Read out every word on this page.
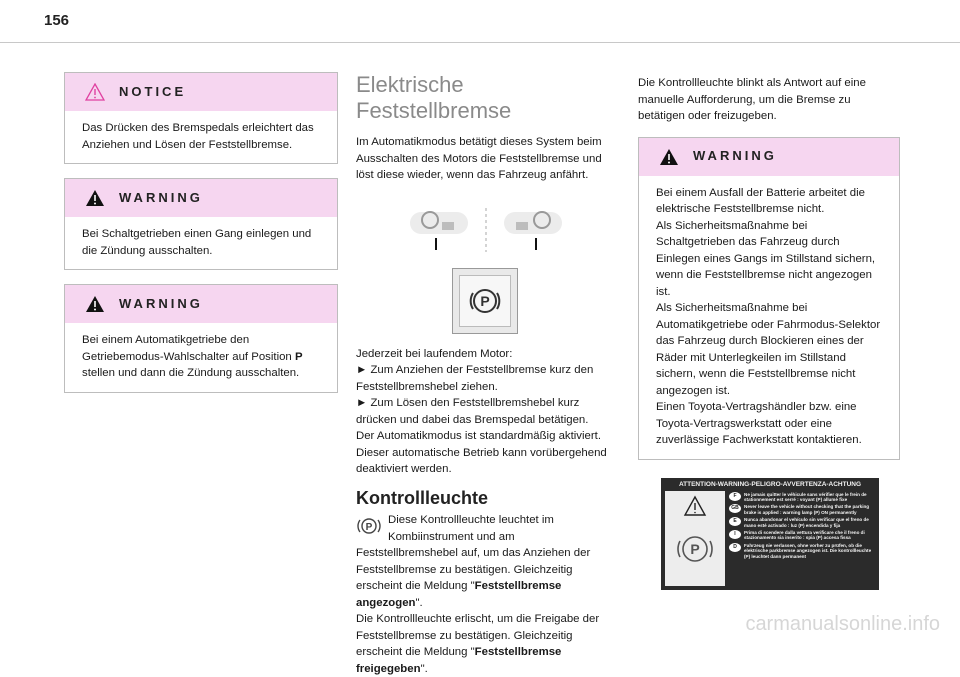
156
NOTICE

Das Drücken des Bremspedals erleichtert das Anziehen und Lösen der Feststellbremse.

WARNING

Bei Schaltgetrieben einen Gang einlegen und die Zündung ausschalten.

WARNING

Bei einem Automatikgetriebe den Getriebemodus-Wahlschalter auf Position P stellen und dann die Zündung ausschalten.

Elektrische Feststellbremse

Im Automatikmodus betätigt dieses System beim Ausschalten des Motors die Feststellbremse und löst diese wieder, wenn das Fahrzeug anfährt.

P

Jederzeit bei laufendem Motor:

► Zum Anziehen der Feststellbremse kurz den Feststellbremshebel ziehen.

► Zum Lösen den Feststellbremshebel kurz drücken und dabei das Bremspedal betätigen.

Der Automatikmodus ist standardmäßig aktiviert.

Dieser automatische Betrieb kann vorübergehend deaktiviert werden.

Kontrollleuchte
P

Diese Kontrollleuchte leuchtet im Kombiinstrument und am Feststellbremshebel auf, um das Anziehen der Feststellbremse zu bestätigen. Gleichzeitig erscheint die Meldung "Feststellbremse angezogen".

Die Kontrollleuchte erlischt, um die Freigabe der Feststellbremse zu bestätigen. Gleichzeitig erscheint die Meldung "Feststellbremse freigegeben".

Die Kontrollleuchte blinkt als Antwort auf eine manuelle Aufforderung, um die Bremse zu betätigen oder freizugeben.

WARNING

Bei einem Ausfall der Batterie arbeitet die elektrische Feststellbremse nicht.

Als Sicherheitsmaßnahme bei Schaltgetrieben das Fahrzeug durch Einlegen eines Gangs im Stillstand sichern, wenn die Feststellbremse nicht angezogen ist.

Als Sicherheitsmaßnahme bei Automatikgetriebe oder Fahrmodus-Selektor das Fahrzeug durch Blockieren eines der Räder mit Unterlegkeilen im Stillstand sichern, wenn die Feststellbremse nicht angezogen ist.

Einen Toyota-Vertragshändler bzw. eine Toyota-Vertragswerkstatt oder eine zuverlässige Fachwerkstatt kontaktieren.

ATTENTION-WARNING-PELIGRO-AVVERTENZA-ACHTUNG
P
F	Ne jamais quitter le véhicule sans vérifier que le frein de stationnement est serré : voyant (P) allumé fixe
GB	Never leave the vehicle without checking that the parking brake is applied : warning lamp (P) ON permanently
E	Nunca abandonar el vehículo sin verificar que el freno de mano esté activado : luz (P) encendida y fija
I	Prima di scendere dalla vettura verificare che il freno di stazionamento sia inserito : spia (P) accesa fissa
D	Fahrzeug nie verlassen, ohne vorher zu prüfen, ob die elektrische parkbremse angezogen ist. Die kontrollleuchte (P) leuchtet dann permanent
carmanualsonline.info
